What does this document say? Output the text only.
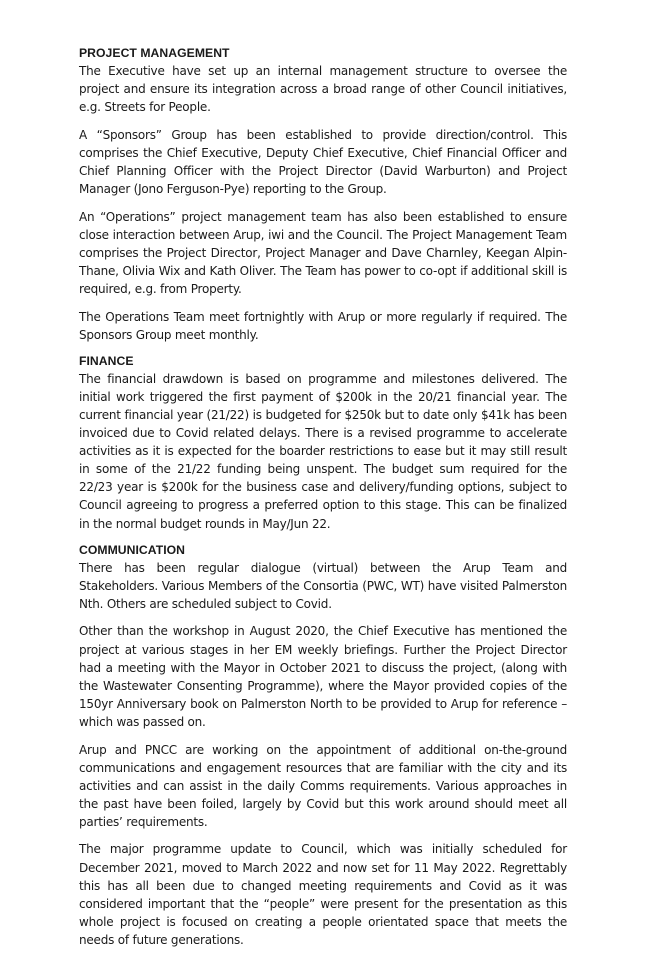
PROJECT MANAGEMENT

The Executive have set up an internal management structure to oversee the project and ensure its integration across a broad range of other Council initiatives, e.g. Streets for People.

A “Sponsors” Group has been established to provide direction/control. This comprises the Chief Executive, Deputy Chief Executive, Chief Financial Officer and Chief Planning Officer with the Project Director (David Warburton) and Project Manager (Jono Ferguson-Pye) reporting to the Group.

An “Operations” project management team has also been established to ensure close interaction between Arup, iwi and the Council. The Project Management Team comprises the Project Director, Project Manager and Dave Charnley, Keegan Alpin-Thane, Olivia Wix and Kath Oliver. The Team has power to co-opt if additional skill is required, e.g. from Property.

The Operations Team meet fortnightly with Arup or more regularly if required. The Sponsors Group meet monthly.

FINANCE

The financial drawdown is based on programme and milestones delivered. The initial work triggered the first payment of $200k in the 20/21 financial year. The current financial year (21/22) is budgeted for $250k but to date only $41k has been invoiced due to Covid related delays. There is a revised programme to accelerate activities as it is expected for the boarder restrictions to ease but it may still result in some of the 21/22 funding being unspent. The budget sum required for the 22/23 year is $200k for the business case and delivery/funding options, subject to Council agreeing to progress a preferred option to this stage. This can be finalized in the normal budget rounds in May/Jun 22.

COMMUNICATION

There has been regular dialogue (virtual) between the Arup Team and Stakeholders. Various Members of the Consortia (PWC, WT) have visited Palmerston Nth. Others are scheduled subject to Covid.

Other than the workshop in August 2020, the Chief Executive has mentioned the project at various stages in her EM weekly briefings. Further the Project Director had a meeting with the Mayor in October 2021 to discuss the project, (along with the Wastewater Consenting Programme), where the Mayor provided copies of the 150yr Anniversary book on Palmerston North to be provided to Arup for reference – which was passed on.

Arup and PNCC are working on the appointment of additional on-the-ground communications and engagement resources that are familiar with the city and its activities and can assist in the daily Comms requirements. Various approaches in the past have been foiled, largely by Covid but this work around should meet all parties’ requirements.

The major programme update to Council, which was initially scheduled for December 2021, moved to March 2022 and now set for 11 May 2022. Regrettably this has all been due to changed meeting requirements and Covid as it was considered important that the “people” were present for the presentation as this whole project is focused on creating a people orientated space that meets the needs of future generations.
